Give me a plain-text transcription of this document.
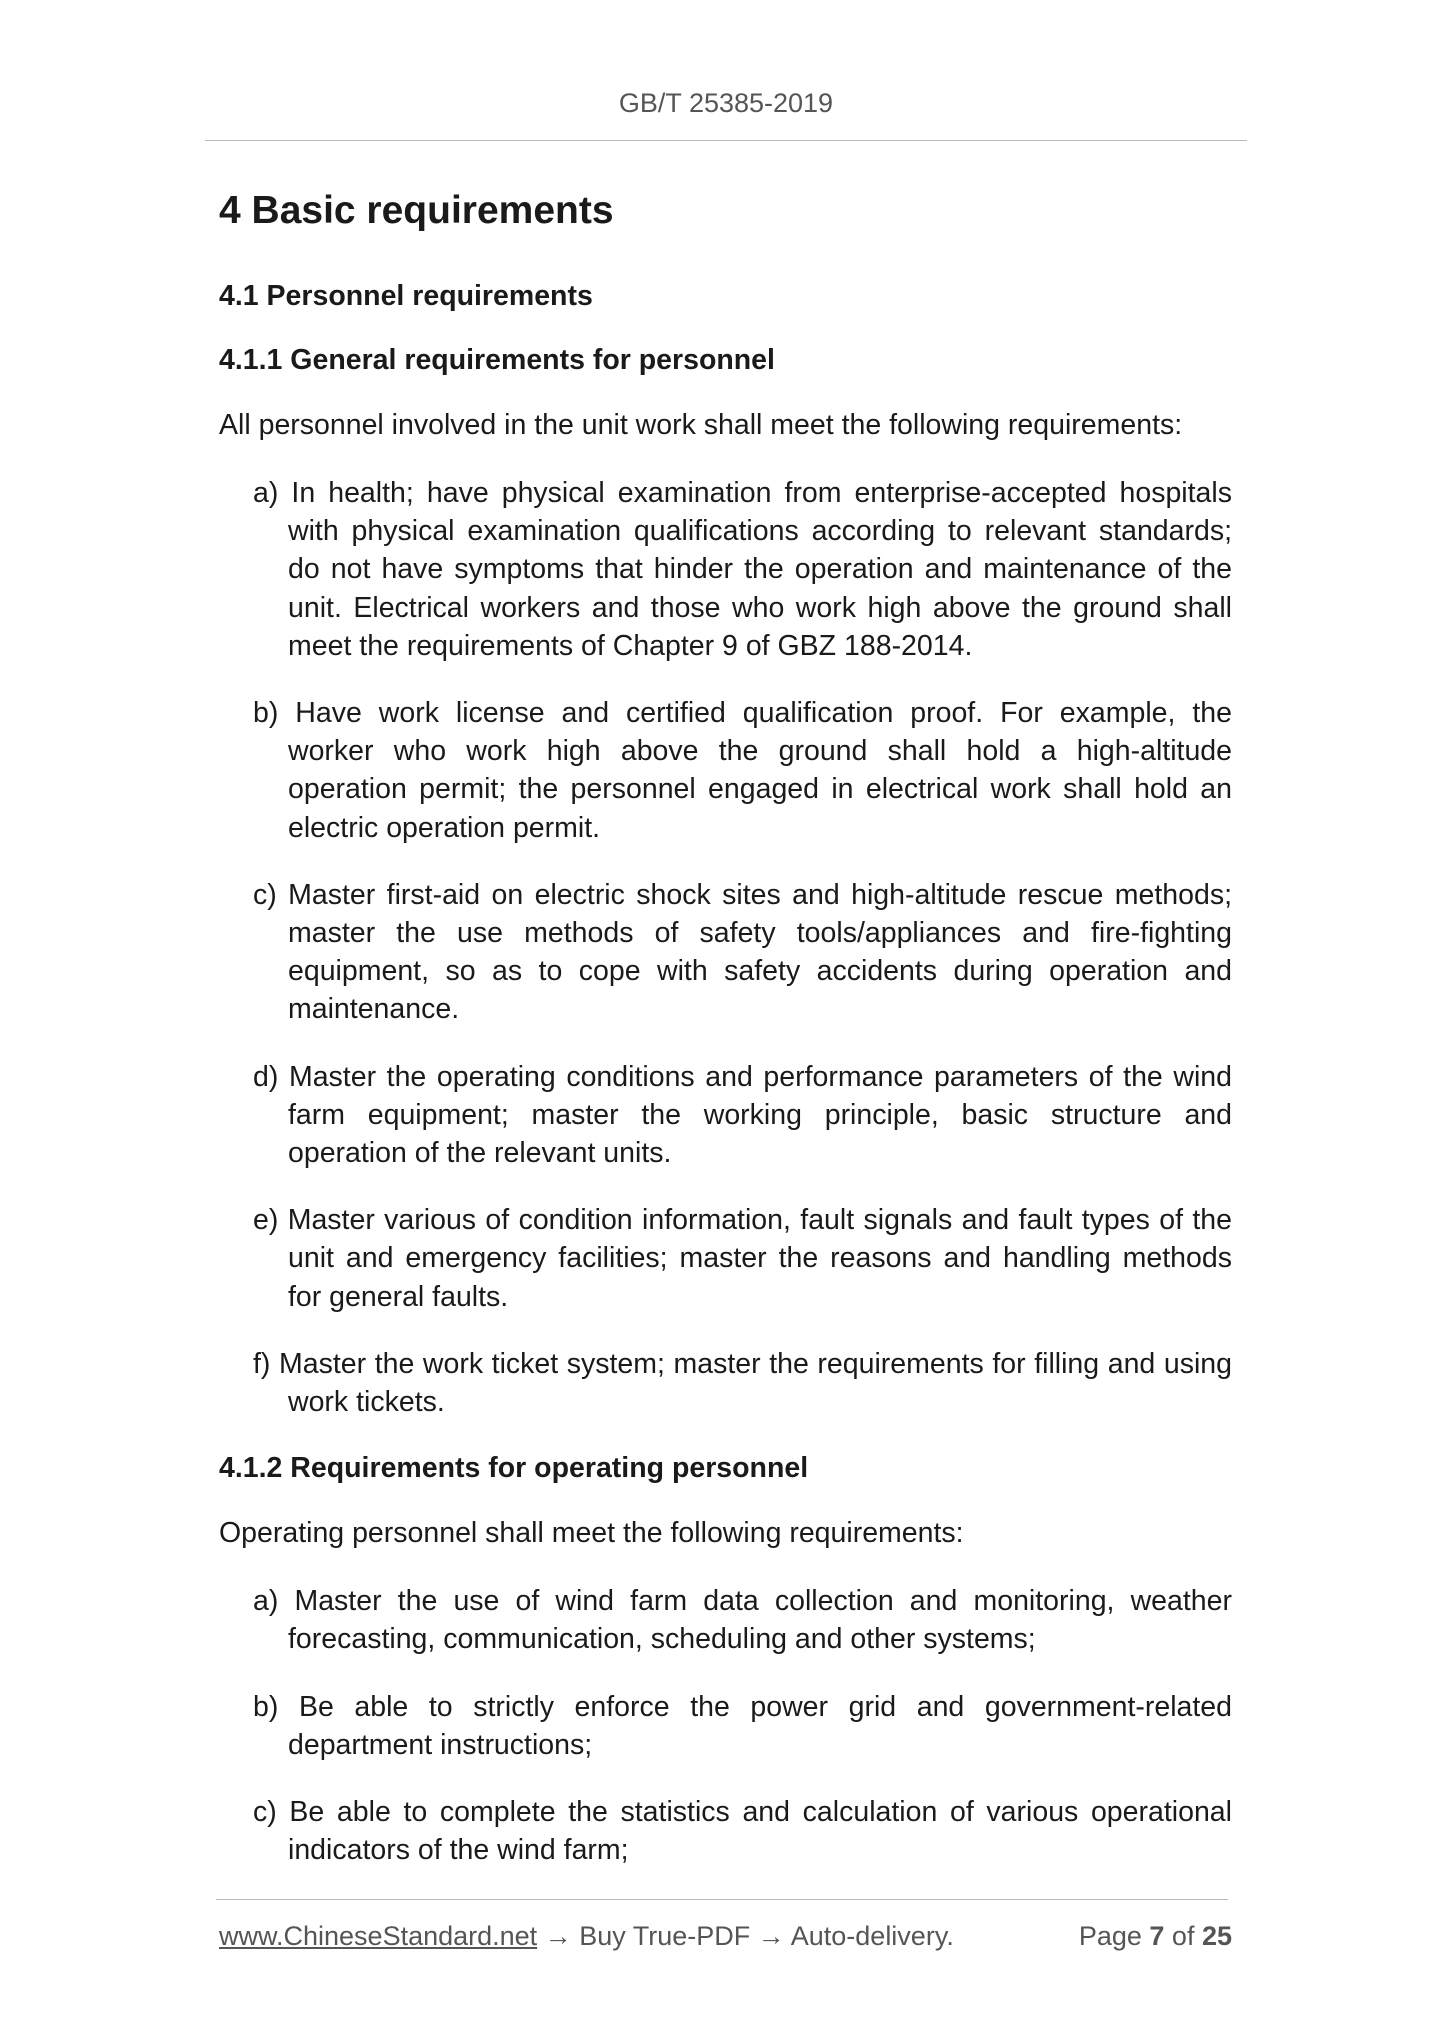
GB/T 25385-2019
4 Basic requirements
4.1 Personnel requirements
4.1.1 General requirements for personnel
All personnel involved in the unit work shall meet the following requirements:
a) In health; have physical examination from enterprise-accepted hospitals with physical examination qualifications according to relevant standards; do not have symptoms that hinder the operation and maintenance of the unit. Electrical workers and those who work high above the ground shall meet the requirements of Chapter 9 of GBZ 188-2014.
b) Have work license and certified qualification proof. For example, the worker who work high above the ground shall hold a high-altitude operation permit; the personnel engaged in electrical work shall hold an electric operation permit.
c) Master first-aid on electric shock sites and high-altitude rescue methods; master the use methods of safety tools/appliances and fire-fighting equipment, so as to cope with safety accidents during operation and maintenance.
d) Master the operating conditions and performance parameters of the wind farm equipment; master the working principle, basic structure and operation of the relevant units.
e) Master various of condition information, fault signals and fault types of the unit and emergency facilities; master the reasons and handling methods for general faults.
f) Master the work ticket system; master the requirements for filling and using work tickets.
4.1.2 Requirements for operating personnel
Operating personnel shall meet the following requirements:
a) Master the use of wind farm data collection and monitoring, weather forecasting, communication, scheduling and other systems;
b) Be able to strictly enforce the power grid and government-related department instructions;
c) Be able to complete the statistics and calculation of various operational indicators of the wind farm;
www.ChineseStandard.net → Buy True-PDF → Auto-delivery.	Page 7 of 25
